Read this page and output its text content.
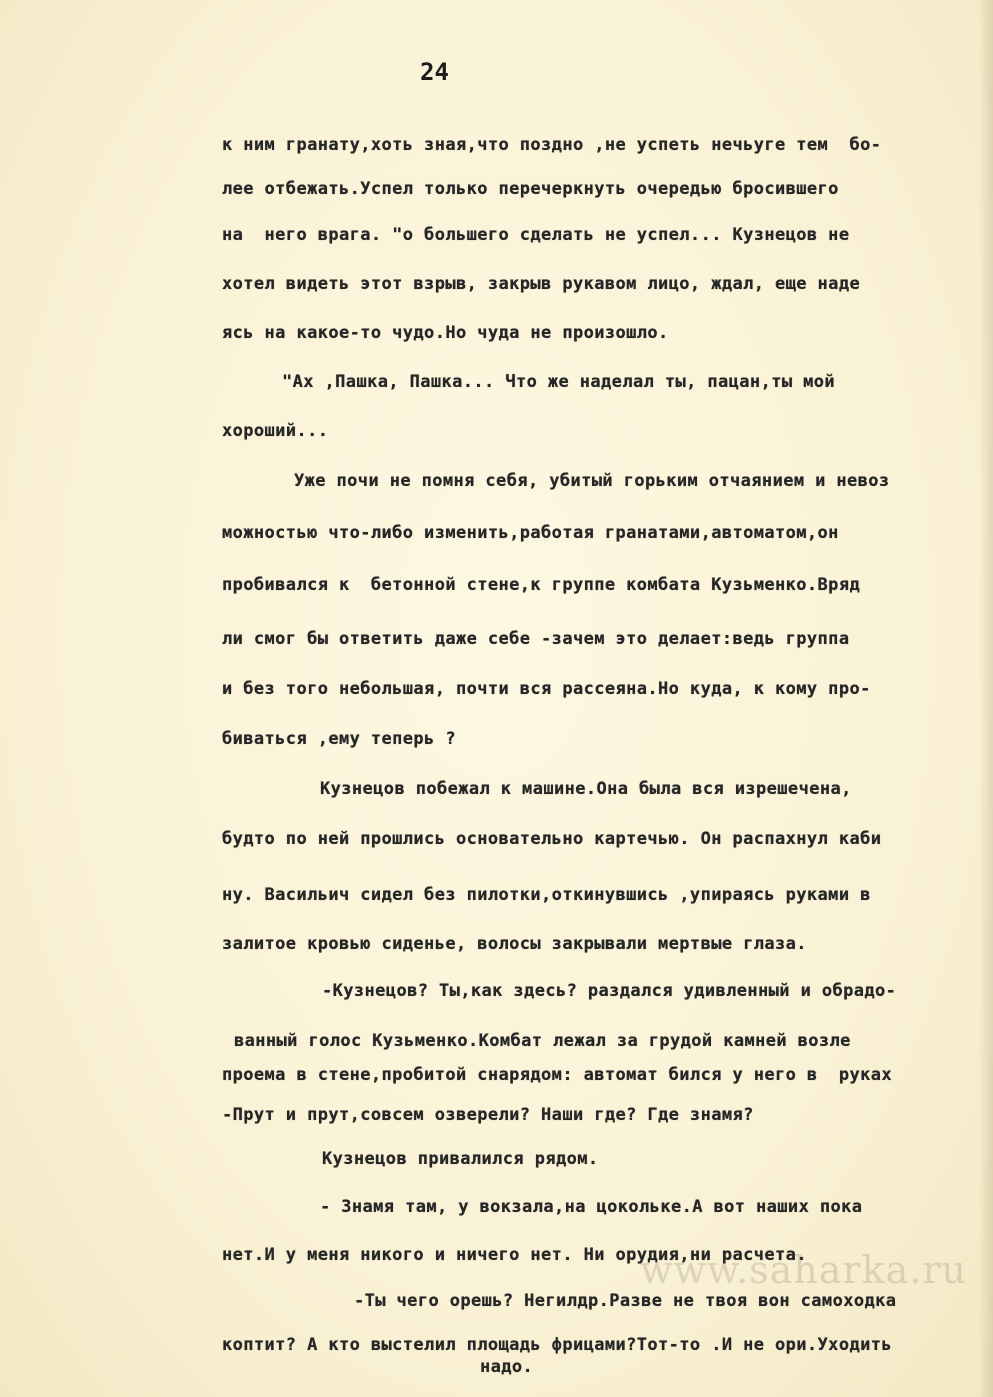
24
к ним гранату,хоть зная,что поздно ,не успеть нечьуге тем  бо-
лее отбежать.Успел только перечеркнуть очередью бросившего
на  него врага. "о большего сделать не успел... Кузнецов не
хотел видеть этот взрыв, закрыв рукавом лицо, ждал, еще наде
ясь на какое-то чудо.Но чуда не произошло.
"Ах ,Пашка, Пашка... Что же наделал ты, пацан,ты мой
хороший...
Уже почи не помня себя, убитый горьким отчаянием и невоз
можностью что-либо изменить,работая гранатами,автоматом,он
пробивался к  бетонной стене,к группе комбата Кузьменко.Вряд
ли смог бы ответить даже себе -зачем это делает:ведь группа
и без того небольшая, почти вся рассеяна.Но куда, к кому про-
биваться ,ему теперь ?
Кузнецов побежал к машине.Она была вся изрешечена,
будто по ней прошлись основательно картечью. Он распахнул каби
ну. Васильич сидел без пилотки,откинувшись ,упираясь руками в
залитое кровью сиденье, волосы закрывали мертвые глаза.
-Кузнецов? Ты,как здесь? раздался удивленный и обрадо-
ванный голос Кузьменко.Комбат лежал за грудой камней возле
проема в стене,пробитой снарядом: автомат бился у него в  руках
-Прут и прут,совсем озверели? Наши где? Где знамя?
Кузнецов привалился рядом.
- Знамя там, у вокзала,на цокольке.А вот наших пока
нет.И у меня никого и ничего нет. Ни орудия,ни расчета.
-Ты чего орешь? Негилдр.Разве не твоя вон самоходка
коптит? А кто выстелил площадь фрицами?Тот-то .И не ори.Уходить
надо.
www.saharka.ru
